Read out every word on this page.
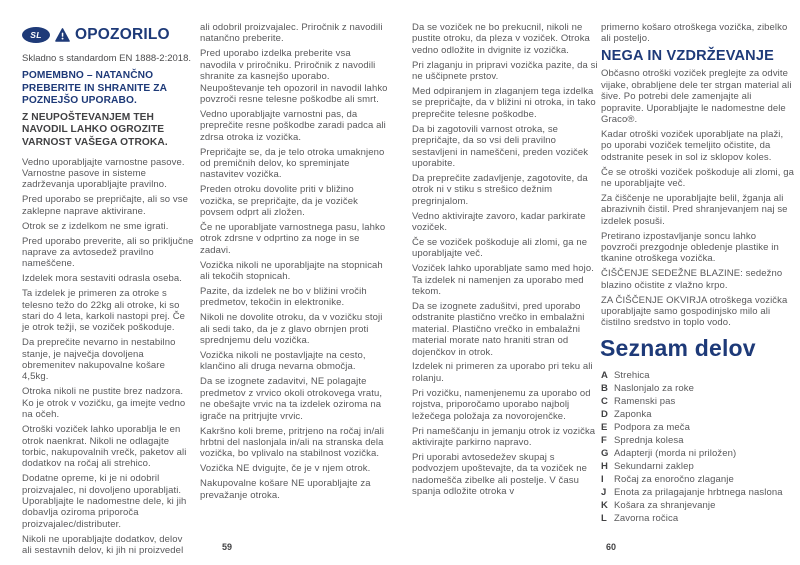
SL	OPOZORILO

Skladno s standardom EN 1888-2:2018.

POMEMBNO – NATANČNO PREBERITE IN SHRANITE ZA POZNEJŠO UPORABO.

Z NEUPOŠTEVANJEM TEH NAVODIL LAHKO OGROZITE VARNOST VAŠEGA OTROKA.

Vedno uporabljajte varnostne pasove. Varnostne pasove in sisteme zadrževanja uporabljajte pravilno.

Pred uporabo se prepričajte, ali so vse zaklepne naprave aktivirane.

Otrok se z izdelkom ne sme igrati.

Pred uporabo preverite, ali so priključne naprave za avtosedež pravilno nameščene.

Izdelek mora sestaviti odrasla oseba.

Ta izdelek je primeren za otroke s telesno težo do 22kg ali otroke, ki so stari do 4 leta, karkoli nastopi prej. Če je otrok težji, se voziček poškoduje.

Da preprečite nevarno in nestabilno stanje, je največja dovoljena obremenitev nakupovalne košare 4,5kg.

Otroka nikoli ne pustite brez nadzora. Ko je otrok v vozičku, ga imejte vedno na očeh.

Otroški voziček lahko uporablja le en otrok naenkrat. Nikoli ne odlagajte torbic, nakupovalnih vrečk, paketov ali dodatkov na ročaj ali strehico.

Dodatne opreme, ki je ni odobril proizvajalec, ni dovoljeno uporabljati. Uporabljajte le nadomestne dele, ki jih dobavlja oziroma priporoča proizvajalec/distributer.

Nikoli ne uporabljajte dodatkov, delov ali sestavnih delov, ki jih ni proizvedel

ali odobril proizvajalec. Priročnik z navodili natančno preberite.

Pred uporabo izdelka preberite vsa navodila v priročniku. Priročnik z navodili shranite za kasnejšo uporabo. Neupoštevanje teh opozoril in navodil lahko povzroči resne telesne poškodbe ali smrt.

Vedno uporabljajte varnostni pas, da preprečite resne poškodbe zaradi padca ali zdrsa otroka iz vozička.

Prepričajte se, da je telo otroka umaknjeno od premičnih delov, ko spreminjate nastavitev vozička.

Preden otroku dovolite priti v bližino vozička, se prepričajte, da je voziček povsem odprt ali zložen.

Če ne uporabljate varnostnega pasu, lahko otrok zdrsne v odprtino za noge in se zadavi.

Vozička nikoli ne uporabljajte na stopnicah ali tekočih stopnicah.

Pazite, da izdelek ne bo v bližini vročih predmetov, tekočin in elektronike.

Nikoli ne dovolite otroku, da v vozičku stoji ali sedi tako, da je z glavo obrnjen proti sprednjemu delu vozička.

Vozička nikoli ne postavljajte na cesto, klančino ali druga nevarna območja.

Da se izognete zadavitvi, NE polagajte predmetov z vrvico okoli otrokovega vratu, ne obešajte vrvic na ta izdelek oziroma na igrače na pritrjujte vrvic.

Kakršno koli breme, pritrjeno na ročaj in/ali hrbtni del naslonjala in/ali na stranska dela vozička, bo vplivalo na stabilnost vozička.

Vozička NE dvigujte, če je v njem otrok.

Nakupovalne košare NE uporabljajte za prevažanje otroka.

Da se voziček ne bo prekucnil, nikoli ne pustite otroku, da pleza v voziček. Otroka vedno odložite in dvignite iz vozička.

Pri zlaganju in pripravi vozička pazite, da si ne uščipnete prstov.

Med odpiranjem in zlaganjem tega izdelka se prepričajte, da v bližini ni otroka, in tako preprečite telesne poškodbe.

Da bi zagotovili varnost otroka, se prepričajte, da so vsi deli pravilno sestavljeni in nameščeni, preden voziček uporabite.

Da preprečite zadavljenje, zagotovite, da otrok ni v stiku s strešico dežnim pregrinjalom.

Vedno aktivirajte zavoro, kadar parkirate voziček.

Če se voziček poškoduje ali zlomi, ga ne uporabljajte več.

Voziček lahko uporabljate samo med hojo. Ta izdelek ni namenjen za uporabo med tekom.

Da se izognete zadušitvi, pred uporabo odstranite plastično vrečko in embalažni material. Plastično vrečko in embalažni material morate nato hraniti stran od dojenčkov in otrok.

Izdelek ni primeren za uporabo pri teku ali rolanju.

Pri vozičku, namenjenemu za uporabo od rojstva, priporočamo uporabo najbolj ležečega položaja za novorojenčke.

Pri nameščanju in jemanju otrok iz vozička aktivirajte parkirno napravo.

Pri uporabi avtosedežev skupaj s podvozjem upoštevajte, da ta voziček ne nadomešča zibelke ali postelje. V času spanja odložite otroka v

primerno košaro otroškega vozička, zibelko ali posteljo.

NEGA IN VZDRŽEVANJE

Občasno otroški voziček preglejte za odvite vijake, obrabljene dele ter strgan material ali šive. Po potrebi dele zamenjajte ali popravite. Uporabljajte le nadomestne dele Graco®.

Kadar otroški voziček uporabljate na plaži, po uporabi voziček temeljito očistite, da odstranite pesek in sol iz sklopov koles.

Če se otroški voziček poškoduje ali zlomi, ga ne uporabljajte več.

Za čiščenje ne uporabljajte belil, žganja ali abrazivnih čistil. Pred shranjevanjem naj se izdelek posuši.

Pretirano izpostavljanje soncu lahko povzroči prezgodnje obledenje plastike in tkanine otroškega vozička.

ČIŠČENJE SEDEŽNE BLAZINE: sedežno blazino očistite z vlažno krpo.

ZA ČIŠČENJE OKVIRJA otroškega vozička uporabljajte samo gospodinjsko milo ali čistilno sredstvo in toplo vodo.

Seznam delov
A Strehica
B Naslonjalo za roke
C Ramenski pas
D Zaponka
E Podpora za meča
F Sprednja kolesa
G Adapterji (morda ni priložen)
H Sekundarni zaklep
I	Ročaj za enoročno zlaganje
J Enota za prilagajanje hrbtnega naslona
K Košara za shranjevanje
L Zavorna ročica
59	60
